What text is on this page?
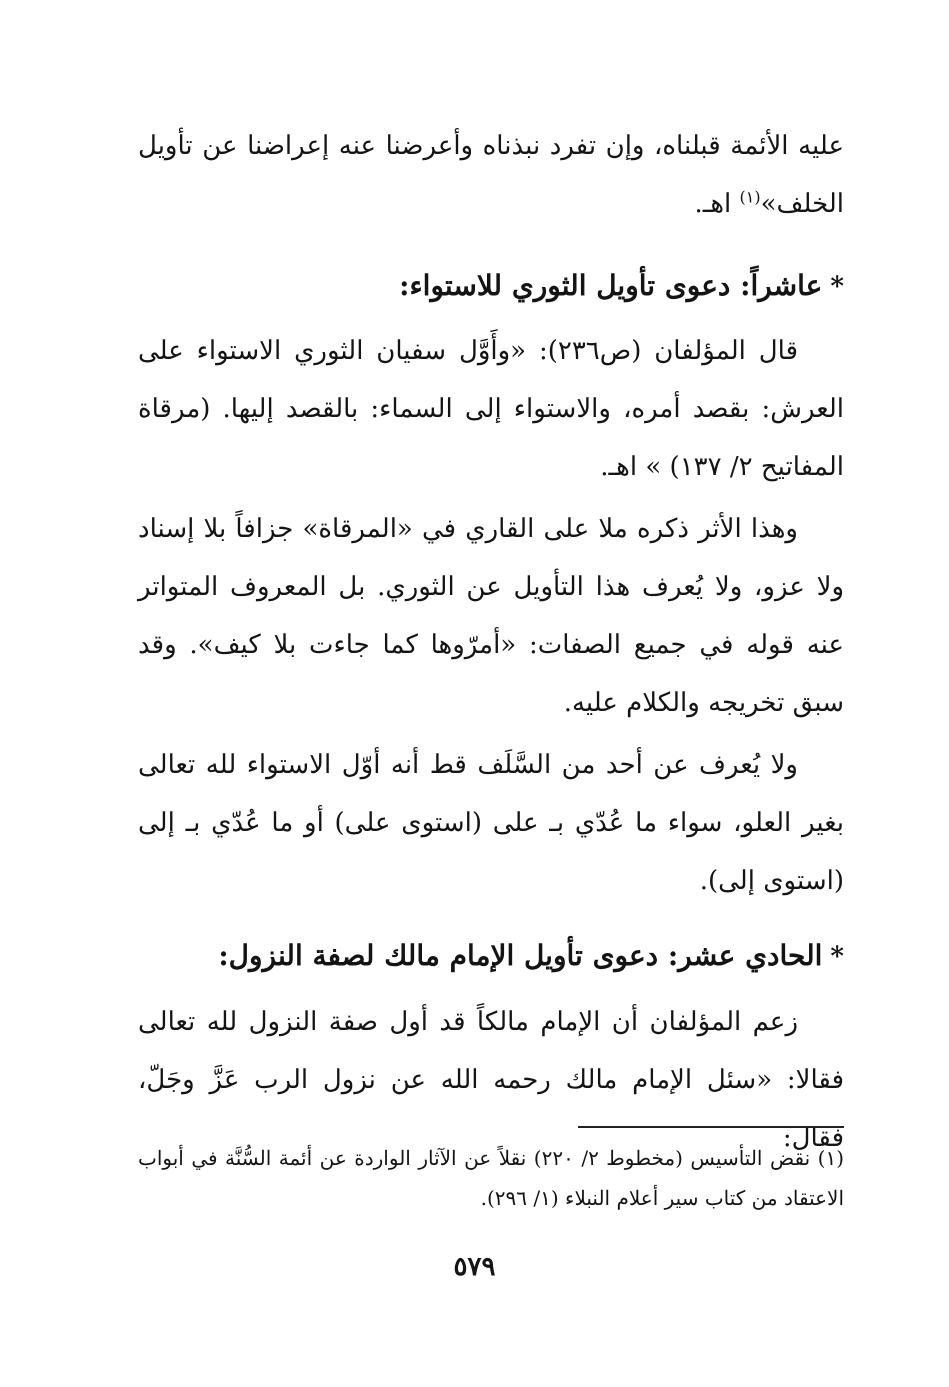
عليه الأئمة قبلناه، وإن تفرد نبذناه وأعرضنا عنه إعراضنا عن تأويل الخلف»$^{(١)}$ اهـ.

*عاشراً: دعوى تأويل الثوري للاستواء:

قال المؤلفان (ص٢٣٦): «وأَوَّل سفيان الثوري الاستواء على العرش: بقصد أمره، والاستواء إلى السماء: بالقصد إليها. (مرقاة المفاتيح ٢/ ١٣٧) » اهـ.

وهذا الأثر ذكره ملا على القاري في «المرقاة» جزافاً بلا إسناد ولا عزو، ولا يُعرف هذا التأويل عن الثوري. بل المعروف المتواتر عنه قوله في جميع الصفات: «أمرّوها كما جاءت بلا كيف». وقد سبق تخريجه والكلام عليه.

ولا يُعرف عن أحد من السَّلَف قط أنه أوّل الاستواء لله تعالى بغير العلو، سواء ما عُدّي بـ على (استوى على) أو ما عُدّي بـ إلى (استوى إلى).

*الحادي عشر: دعوى تأويل الإمام مالك لصفة النزول:

زعم المؤلفان أن الإمام مالكاً قد أول صفة النزول لله تعالى فقالا: «سئل الإمام مالك رحمه الله عن نزول الرب عَزَّ وجَلّ، فقال:

(١) نقض التأسيس (مخطوط ٢/ ٢٢٠) نقلاً عن الآثار الواردة عن أئمة السُّنَّة في أبواب الاعتقاد من كتاب سير أعلام النبلاء (١/ ٢٩٦).

٥٧٩
